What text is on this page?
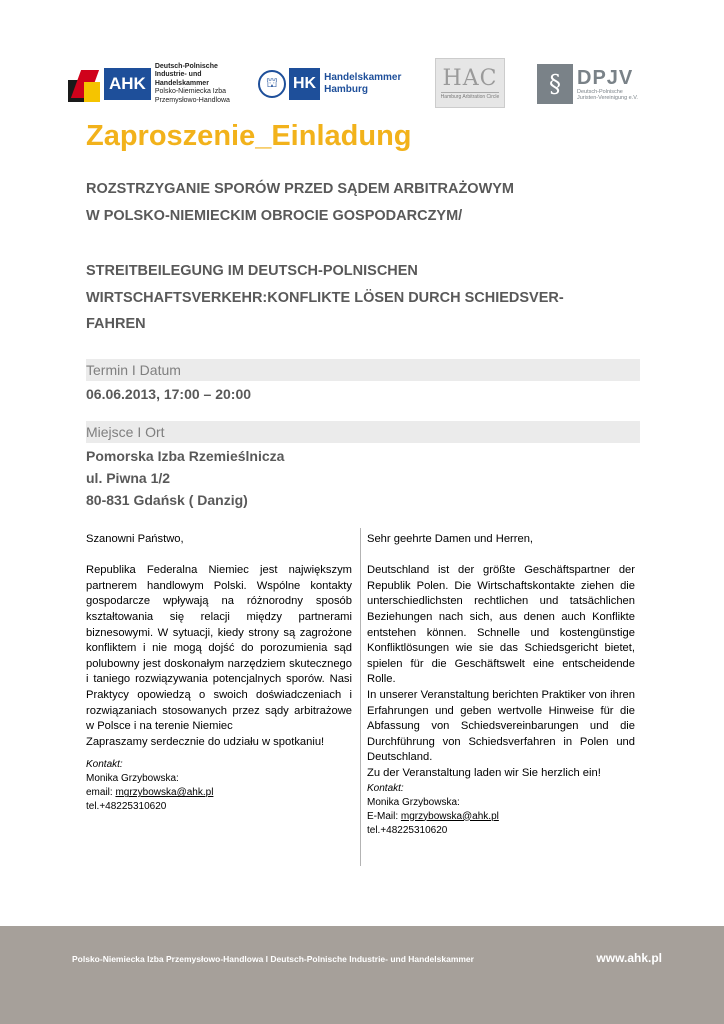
AHK
Deutsch-Polnische
Industrie- und Handelskammer
Polsko-Niemiecka Izba
Przemysłowo-Handlowa
⛫ HK Handelskammer
Hamburg	HAC
Hamburg Arbitration Circle	§ DPJV
Deutsch-Polnische
Juristen-Vereinigung e.V.
Zaproszenie_Einladung
ROZSTRZYGANIE SPORÓW PRZED SĄDEM ARBITRAŻOWYM
W POLSKO-NIEMIECKIM OBROCIE GOSPODARCZYM/
STREITBEILEGUNG IM DEUTSCH-POLNISCHEN
WIRTSCHAFTSVERKEHR:KONFLIKTE LÖSEN DURCH SCHIEDSVER-
FAHREN
Termin I Datum
06.06.2013, 17:00 – 20:00
Miejsce I Ort
Pomorska Izba Rzemieślnicza
ul. Piwna 1/2
80-831 Gdańsk ( Danzig)

Szanowni Państwo,

Republika Federalna Niemiec jest największym partnerem handlowym Polski. Wspólne kontakty gospodarcze wpływają na różnorodny sposób kształtowania się relacji między partnerami biznesowymi. W sytuacji, kiedy strony są zagrożone konfliktem i nie mogą dojść do porozumienia sąd polubowny jest doskonałym narzędziem skutecznego i taniego rozwiązywania potencjalnych sporów. Nasi Praktycy opowiedzą o swoich doświadczeniach i rozwiązaniach stosowanych przez sądy arbitrażowe w Polsce i na terenie Niemiec

Zapraszamy serdecznie do udziału w spotkaniu!

Kontakt:
Monika Grzybowska:
email: mgrzybowska@ahk.pl
tel.+48225310620

Sehr geehrte Damen und Herren,

Deutschland ist der größte Geschäftspartner der Republik Polen. Die Wirtschaftskontakte ziehen die unterschiedlichsten rechtlichen und tatsächlichen Beziehungen nach sich, aus denen auch Konflikte entstehen können. Schnelle und kostengünstige Konfliktlösungen wie sie das Schiedsgericht bietet, spielen für die Geschäftswelt eine entscheidende Rolle.

In unserer Veranstaltung berichten Praktiker von ihren Erfahrungen und geben wertvolle Hinweise für die Abfassung von Schiedsvereinbarungen und die Durchführung von Schiedsverfahren in Polen und Deutschland.

Zu der Veranstaltung laden wir Sie herzlich ein!

Kontakt:
Monika Grzybowska:
E-Mail: mgrzybowska@ahk.pl
tel.+48225310620
Polsko-Niemiecka Izba Przemysłowo-Handlowa I Deutsch-Polnische Industrie- und Handelskammer	www.ahk.pl
